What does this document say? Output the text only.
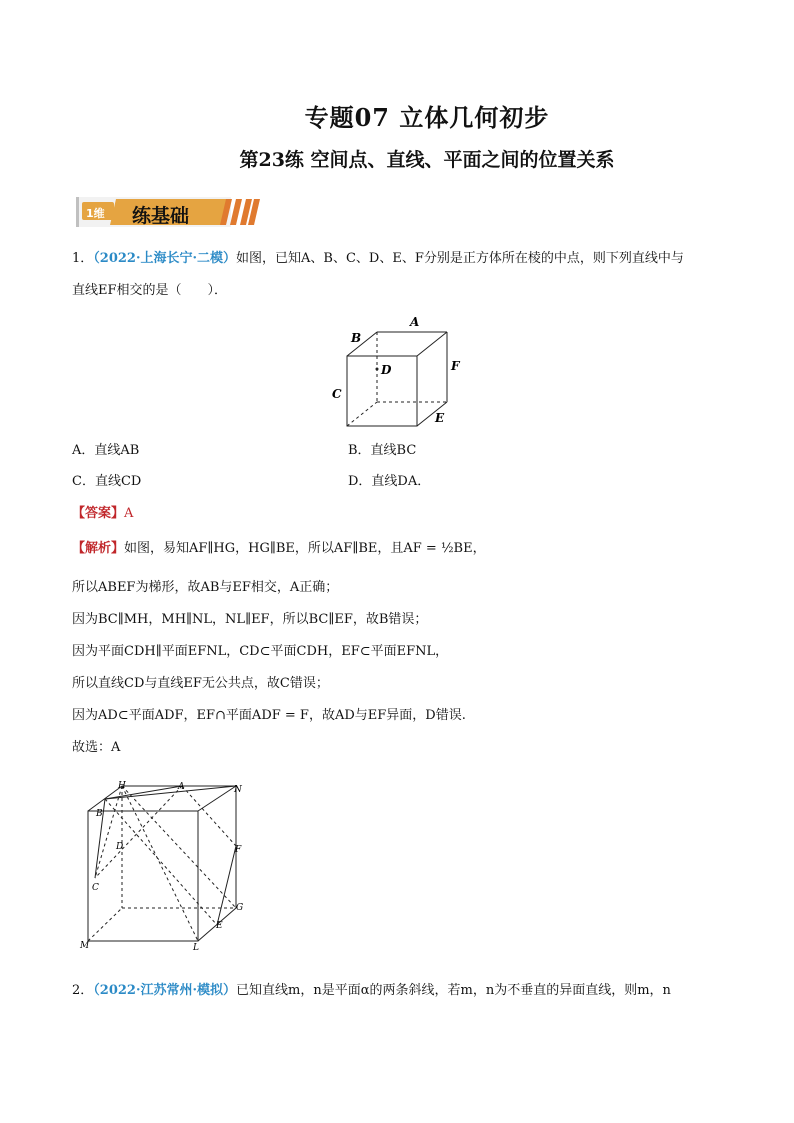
专题07 立体几何初步
第23练 空间点、直线、平面之间的位置关系
1维 练基础
1．（2022·上海长宁·二模）如图，已知A、B、C、D、E、F分别是正方体所在棱的中点，则下列直线中与
直线EF相交的是（　　）．
A
B
C
D
E
F
A．直线AB	B．直线BC
C．直线CD	D．直线DA．
【答案】A
【解析】如图，易知AF∥HG，HG∥BE，所以AF∥BE，且AF = ½BE，
所以ABEF为梯形，故AB与EF相交，A正确；
因为BC∥MH，MH∥NL，NL∥EF，所以BC∥EF，故B错误；
因为平面CDH∥平面EFNL，CD⊂平面CDH，EF⊂平面EFNL，
所以直线CD与直线EF无公共点，故C错误；
因为AD⊂平面ADF，EF∩平面ADF = F，故AD与EF异面，D错误.
故选：A
H	A	N
B
D	F
C
G
E
M	L
2．（2022·江苏常州·模拟）已知直线m，n是平面α的两条斜线，若m，n为不垂直的异面直线，则m，n
